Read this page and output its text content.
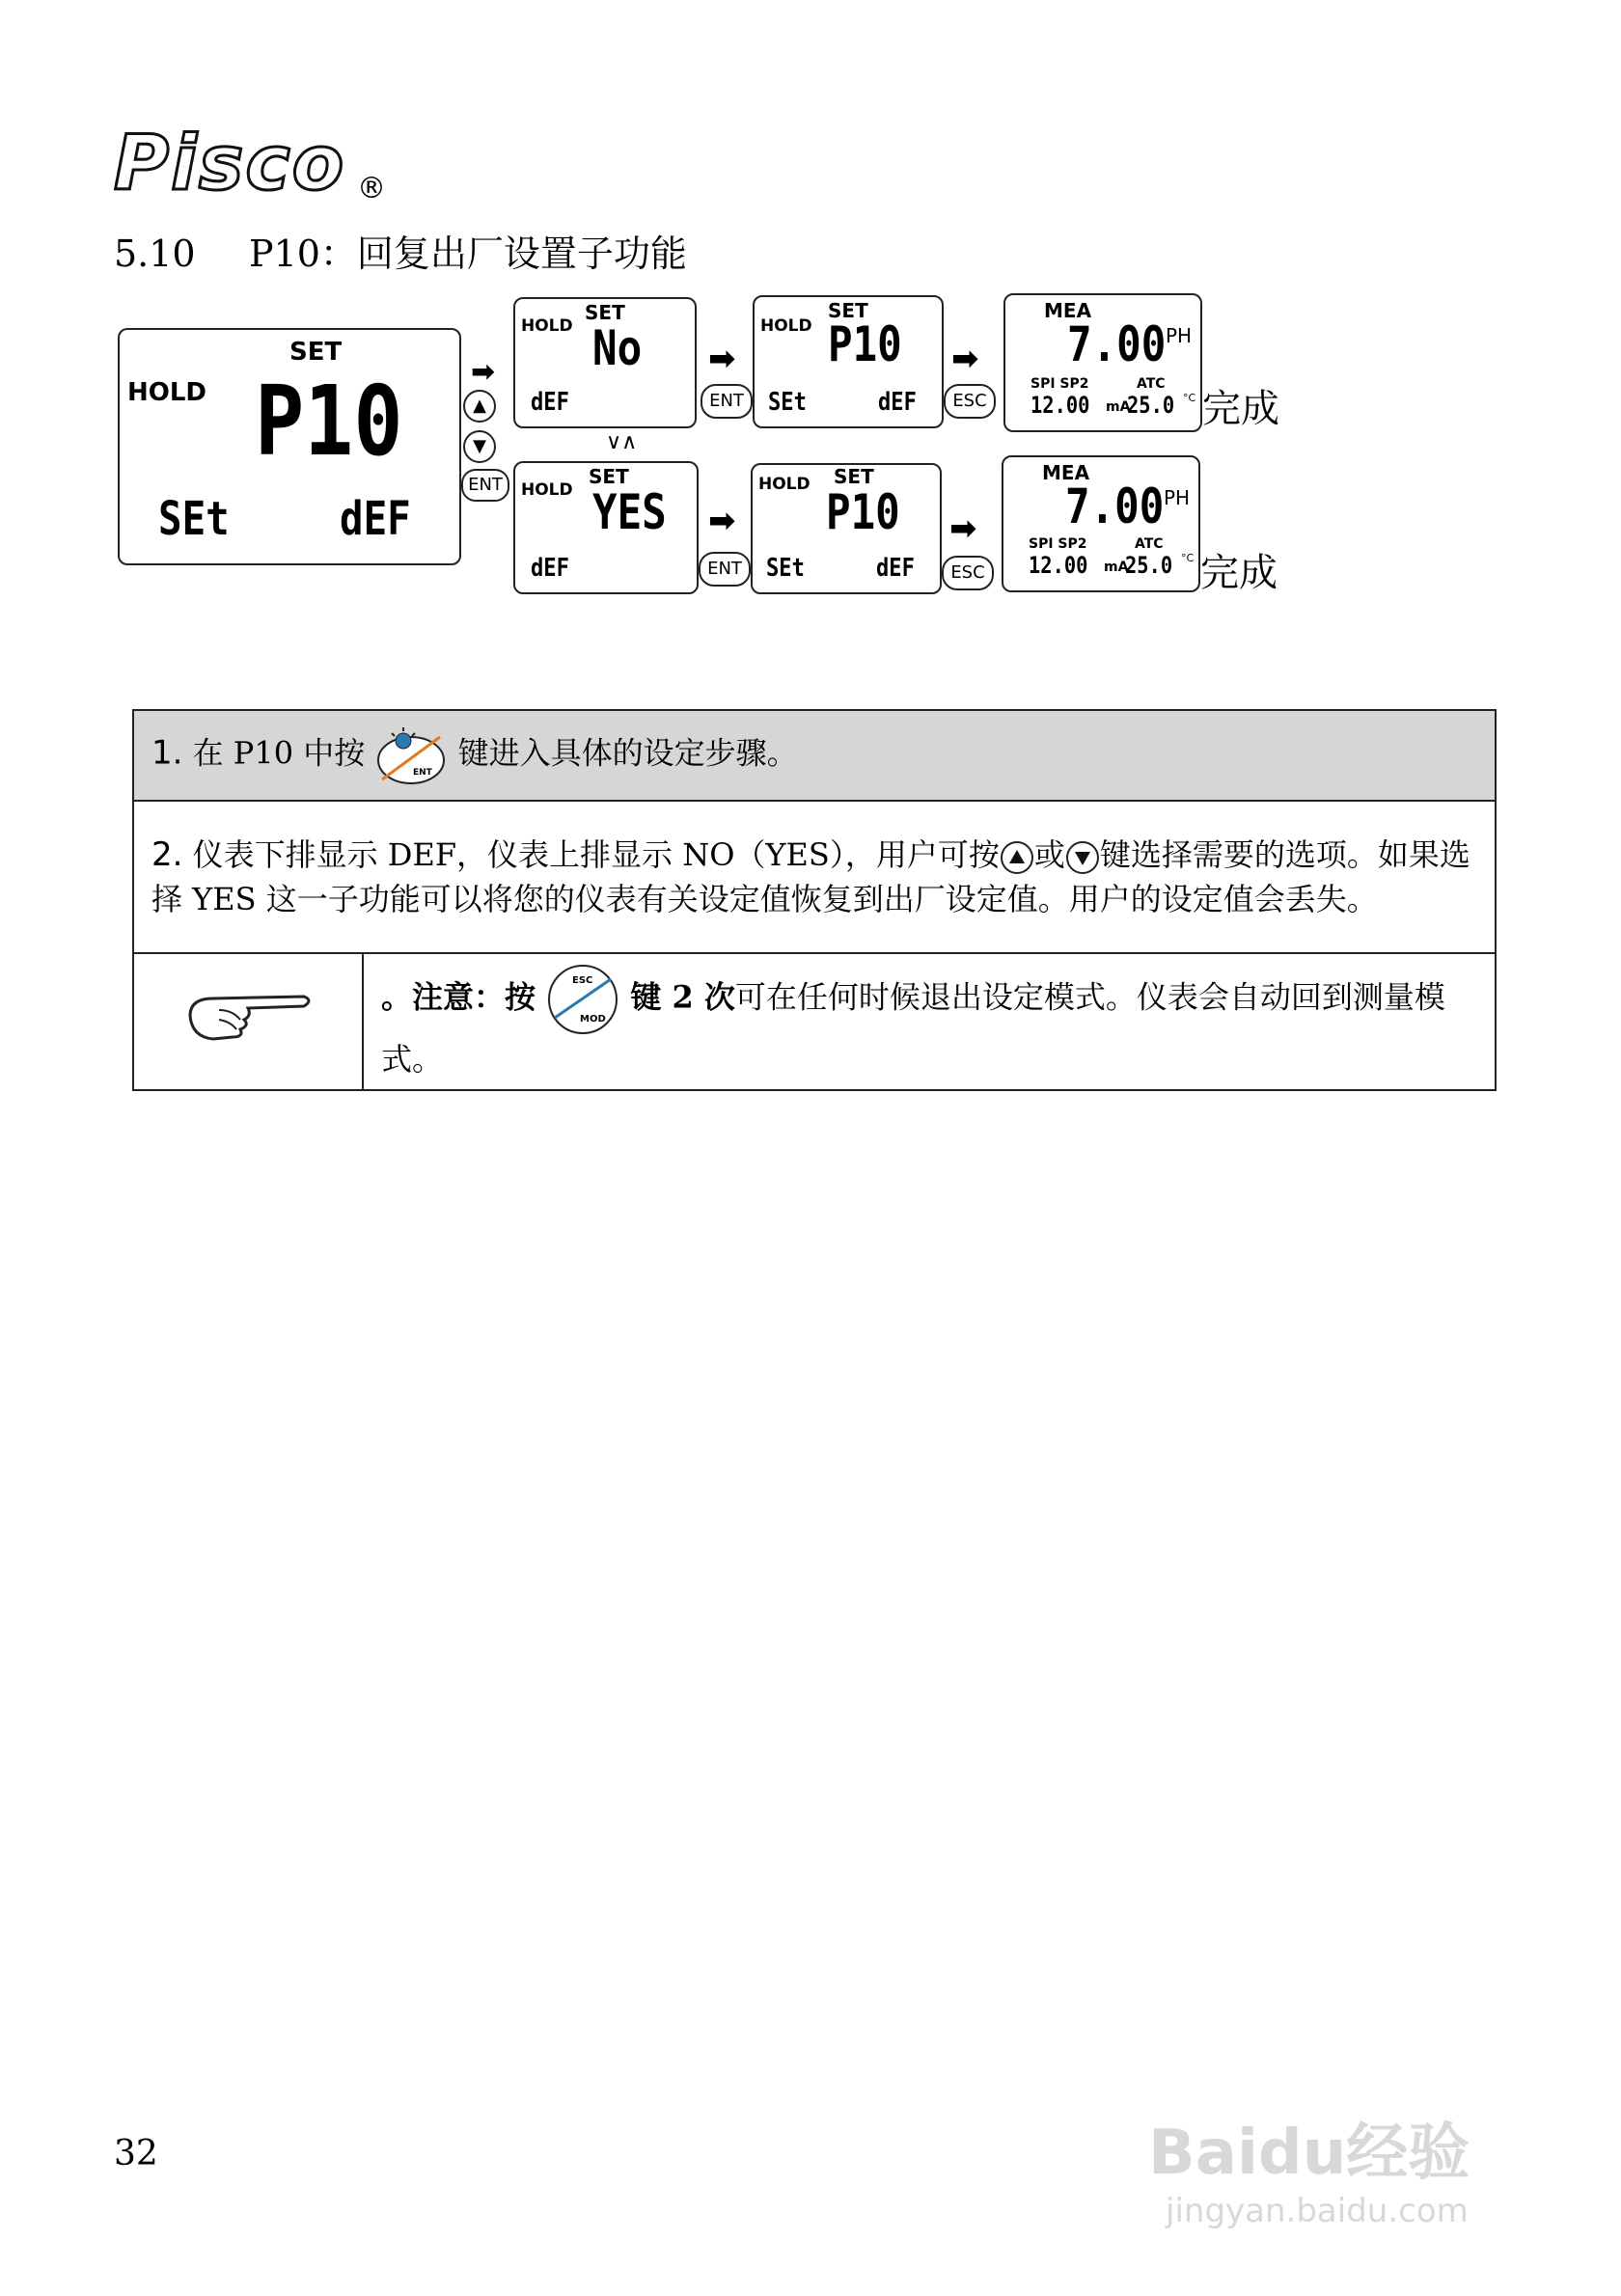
Pisco ®
5.10 P10：回复出厂设置子功能
SET
HOLD P10
SEt dEF
➡
▲
▼
ENT
HOLD
SET
No
dEF
➡
ENT
HOLD
SET
P10
SEt	dEF
➡
ESC
MEA
7.00 PH
SPI SP2	ATC
12.00 mA
25.0 °C 完成
∨∧
HOLD
SET
YES
dEF
➡
ENT
HOLD SET
P10
SEt	dEF
➡
ESC
MEA
7.00 PH
SPI SP2	ATC
12.00 mA
25.0 °C 完成
1. 在 P10 中按
ENT
键进入具体的设定步骤。
2. 仪表下排显示 DEF，仪表上排显示 NO（YES），用户可按 或 键选择需要的选项。如果选择 YES 这一子功能可以将您的仪表有关设定值恢复到出厂设定值。用户的设定值会丢失。
	。注意：按	ESC
MOD
键 2 次可在任何时候退出设定模式。仪表会自动回到测量模式。
32	Baidu经验
jingyan.baidu.com
